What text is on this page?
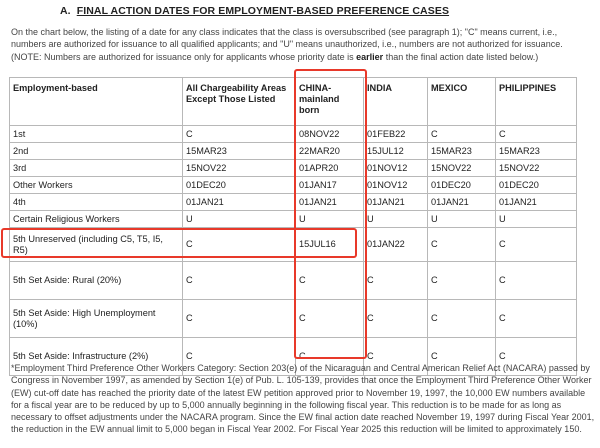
A. FINAL ACTION DATES FOR EMPLOYMENT-BASED PREFERENCE CASES
On the chart below, the listing of a date for any class indicates that the class is oversubscribed (see paragraph 1); "C" means current, i.e., numbers are authorized for issuance to all qualified applicants; and "U" means unauthorized, i.e., numbers are not authorized for issuance. (NOTE: Numbers are authorized for issuance only for applicants whose priority date is earlier than the final action date listed below.)
Employment-based	All Chargeability Areas Except Those Listed	CHINA-mainland born	INDIA	MEXICO	PHILIPPINES
1st	C	08NOV22	01FEB22	C	C
2nd	15MAR23	22MAR20	15JUL12	15MAR23	15MAR23
3rd	15NOV22	01APR20	01NOV12	15NOV22	15NOV22
Other Workers	01DEC20	01JAN17	01NOV12	01DEC20	01DEC20
4th	01JAN21	01JAN21	01JAN21	01JAN21	01JAN21
Certain Religious Workers	U	U	U	U	U
5th Unreserved (including C5, T5, I5, R5)	C	15JUL16	01JAN22	C	C
5th Set Aside: Rural (20%)	C	C	C	C	C
5th Set Aside: High Unemployment (10%)	C	C	C	C	C
5th Set Aside: Infrastructure (2%)	C	C	C	C	C
*Employment Third Preference Other Workers Category: Section 203(e) of the Nicaraguan and Central American Relief Act (NACARA) passed by Congress in November 1997, as amended by Section 1(e) of Pub. L. 105-139, provides that once the Employment Third Preference Other Worker (EW) cut-off date has reached the priority date of the latest EW petition approved prior to November 19, 1997, the 10,000 EW numbers available for a fiscal year are to be reduced by up to 5,000 annually beginning in the following fiscal year. This reduction is to be made for as long as necessary to offset adjustments under the NACARA program. Since the EW final action date reached November 19, 1997 during Fiscal Year 2001, the reduction in the EW annual limit to 5,000 began in Fiscal Year 2002. For Fiscal Year 2025 this reduction will be limited to approximately 150.
